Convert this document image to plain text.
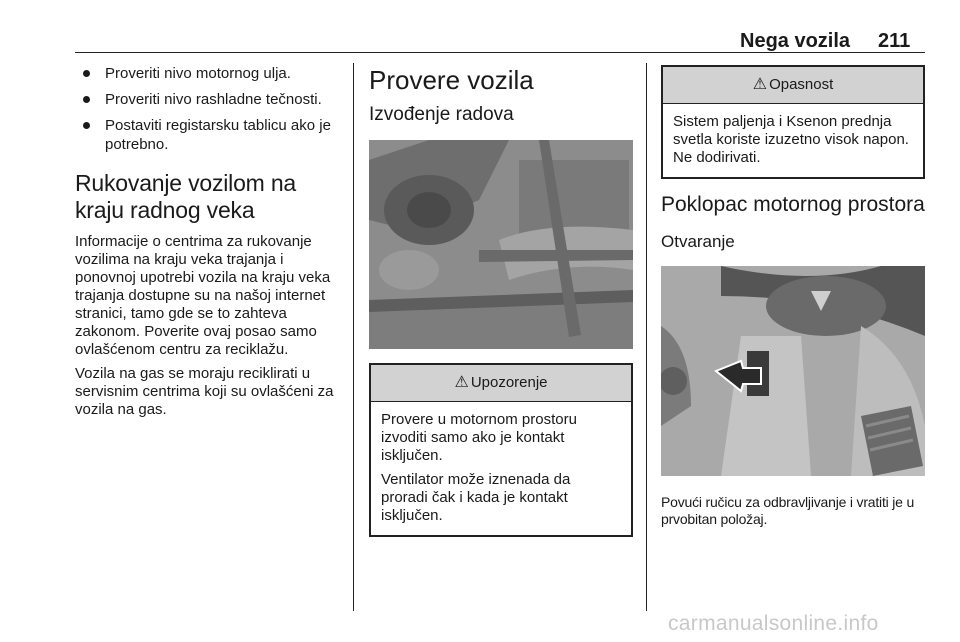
Nega vozila 211
Proveriti nivo motornog ulja.
Proveriti nivo rashladne tečnosti.
Postaviti registarsku tablicu ako je potrebno.
Rukovanje vozilom na kraju radnog veka

Informacije o centrima za rukovanje vozilima na kraju veka trajanja i ponovnoj upotrebi vozila na kraju veka trajanja dostupne su na našoj internet stranici, tamo gde se to zahteva zakonom. Poverite ovaj posao samo ovlašćenom centru za reciklažu.

Vozila na gas se moraju reciklirati u servisnim centrima koji su ovlašćeni za vozila na gas.

Provere vozila
Izvođenje radova
⚠ Upozorenje

Provere u motornom prostoru izvoditi samo ako je kontakt isključen.

Ventilator može iznenada da proradi čak i kada je kontakt isključen.

⚠ Opasnost

Sistem paljenja i Ksenon prednja svetla koriste izuzetno visok napon. Ne dodirivati.

Poklopac motornog prostora
Otvaranje

Povući ručicu za odbravljivanje i vratiti je u prvobitan položaj.

carmanualsonline.info
